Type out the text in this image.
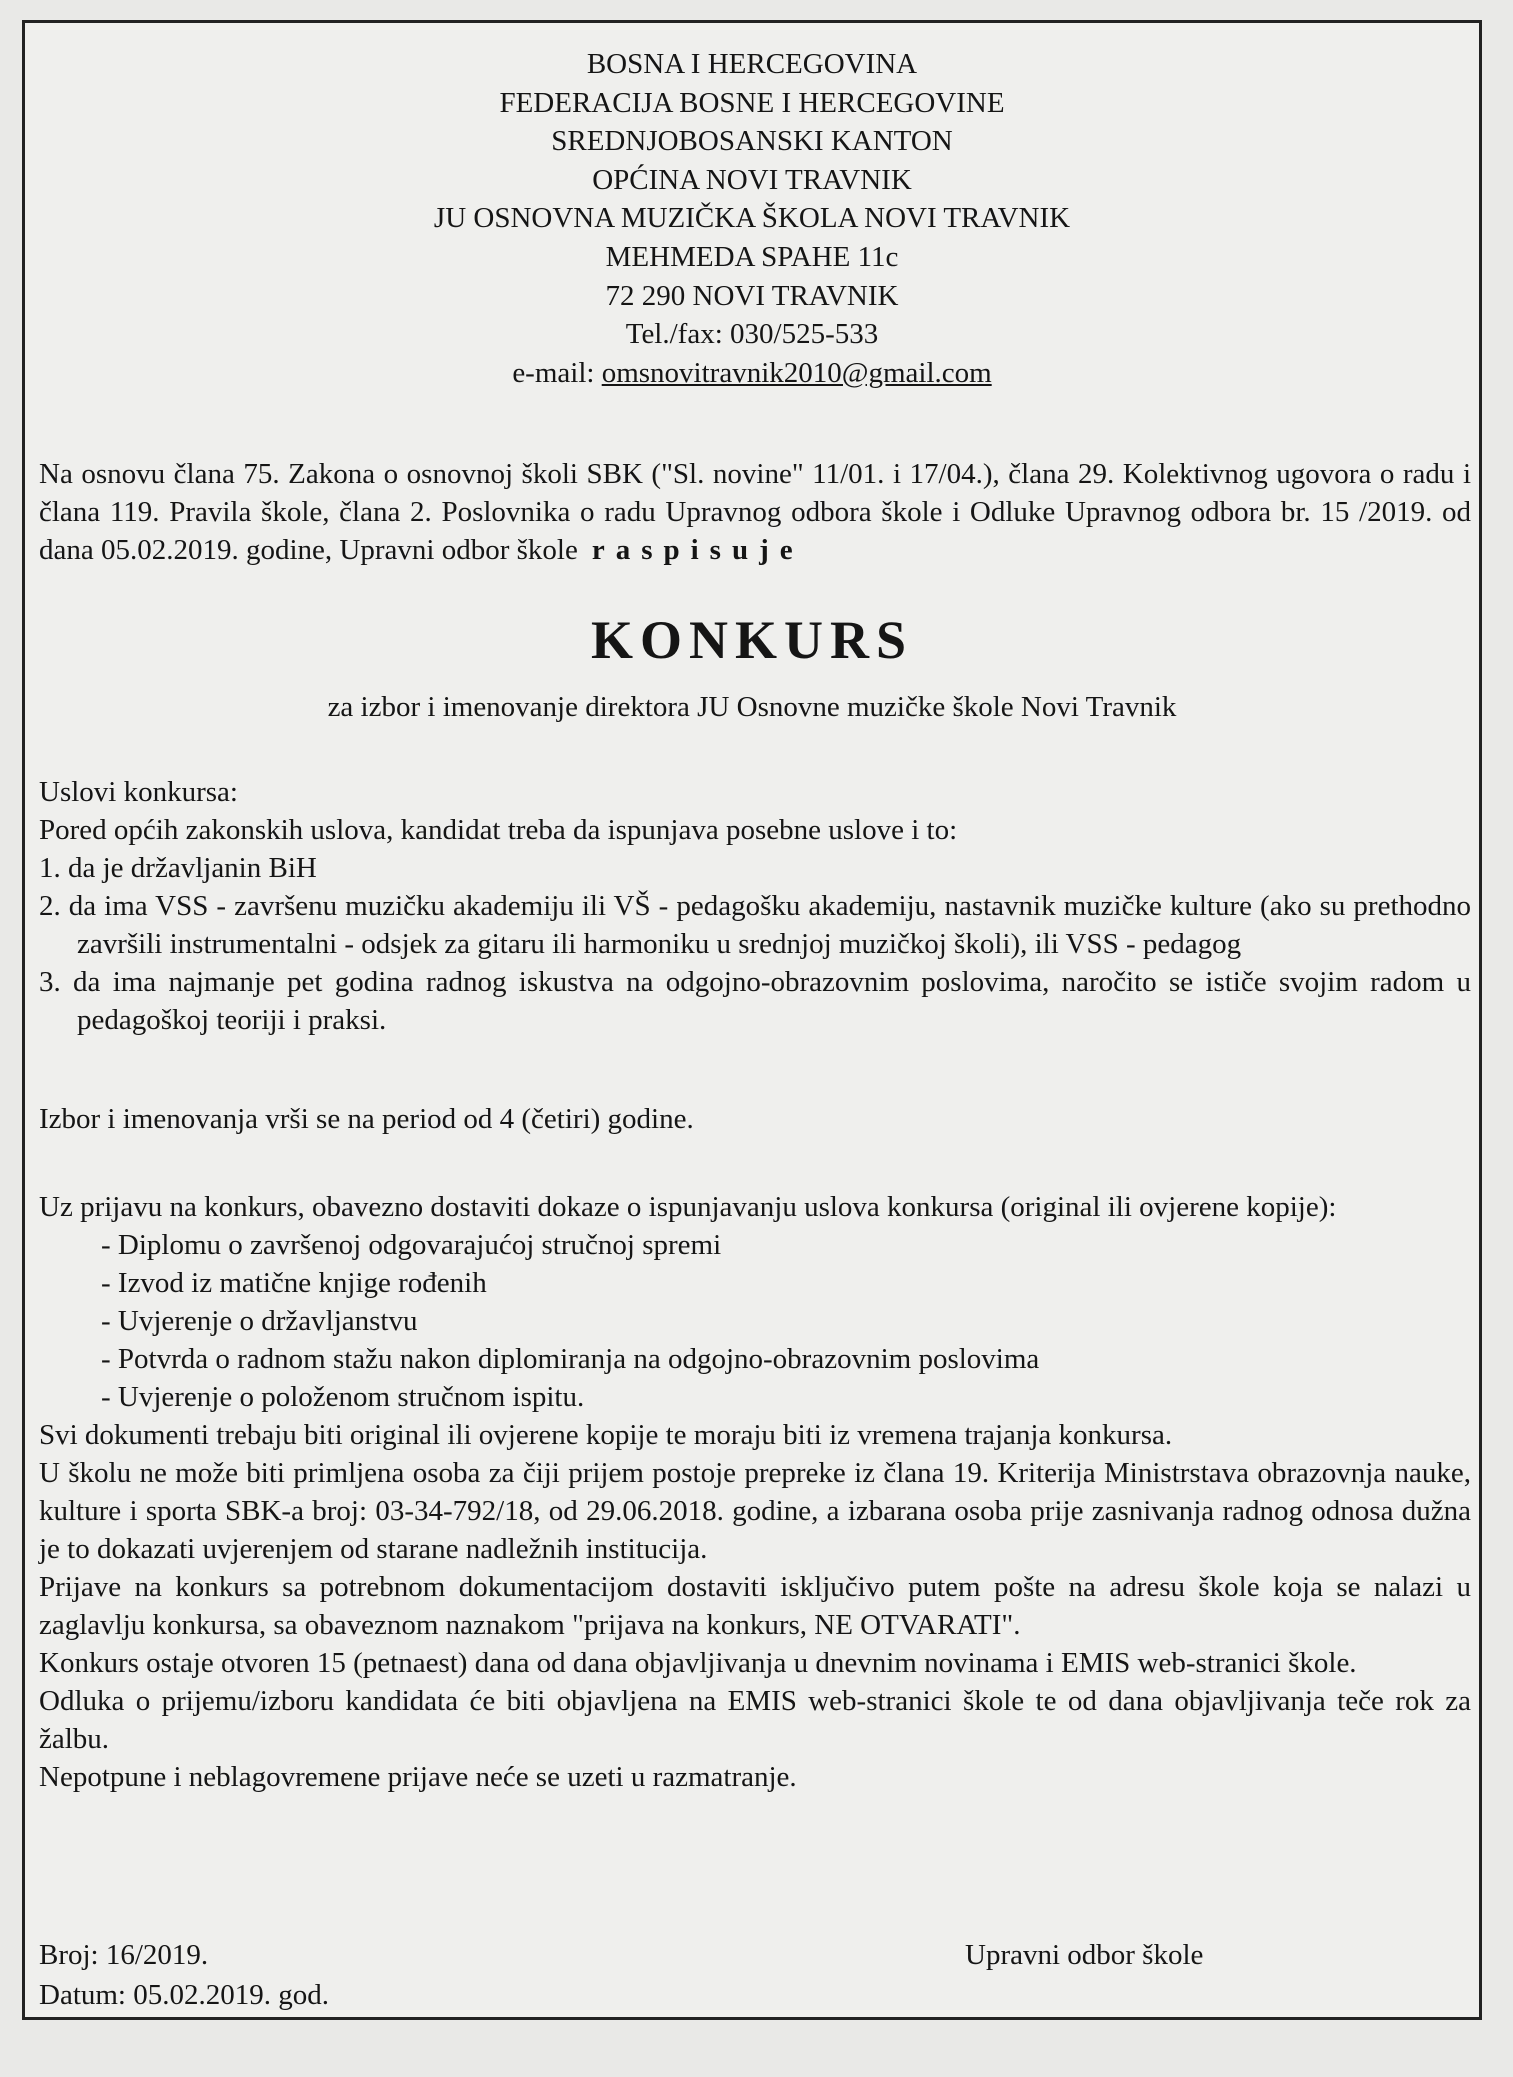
BOSNA I HERCEGOVINA
FEDERACIJA BOSNE I HERCEGOVINE
SREDNJOBOSANSKI KANTON
OPĆINA NOVI TRAVNIK
JU OSNOVNA MUZIČKA ŠKOLA NOVI TRAVNIK
MEHMEDA SPAHE 11c
72 290 NOVI TRAVNIK
Tel./fax: 030/525-533
e-mail: omsnovitravnik2010@gmail.com
Na osnovu člana 75. Zakona o osnovnoj školi SBK ("Sl. novine" 11/01. i 17/04.), člana 29. Kolektivnog ugovora o radu i člana 119. Pravila škole, člana 2. Poslovnika o radu Upravnog odbora škole i Odluke Upravnog odbora br. 15 /2019. od dana 05.02.2019. godine, Upravni odbor škole raspisuje
KONKURS
za izbor i imenovanje direktora JU Osnovne muzičke škole Novi Travnik
Uslovi konkursa:
Pored općih zakonskih uslova, kandidat treba da ispunjava posebne uslove i to:
1. da je državljanin BiH
2. da ima VSS - završenu muzičku akademiju ili VŠ - pedagošku akademiju, nastavnik muzičke kulture (ako su prethodno završili instrumentalni - odsjek za gitaru ili harmoniku u srednjoj muzičkoj školi), ili VSS - pedagog
3. da ima najmanje pet godina radnog iskustva na odgojno-obrazovnim poslovima, naročito se ističe svojim radom u pedagoškoj teoriji i praksi.
Izbor i imenovanja vrši se na period od 4 (četiri) godine.
Uz prijavu na konkurs, obavezno dostaviti dokaze o ispunjavanju uslova konkursa (original ili ovjerene kopije):
- Diplomu o završenoj odgovarajućoj stručnoj spremi
- Izvod iz matične knjige rođenih
- Uvjerenje o državljanstvu
- Potvrda o radnom stažu nakon diplomiranja na odgojno-obrazovnim poslovima
- Uvjerenje o položenom stručnom ispitu.
Svi dokumenti trebaju biti original ili ovjerene kopije te moraju biti iz vremena trajanja konkursa.
U školu ne može biti primljena osoba za čiji prijem postoje prepreke iz člana 19. Kriterija Ministrstava obrazovnja nauke, kulture i sporta SBK-a broj: 03-34-792/18, od 29.06.2018. godine, a izbarana osoba prije zasnivanja radnog odnosa dužna je to dokazati uvjerenjem od starane nadležnih institucija.
Prijave na konkurs sa potrebnom dokumentacijom dostaviti isključivo putem pošte na adresu škole koja se nalazi u zaglavlju konkursa, sa obaveznom naznakom "prijava na konkurs, NE OTVARATI".
Konkurs ostaje otvoren 15 (petnaest) dana od dana objavljivanja u dnevnim novinama i EMIS web-stranici škole.
Odluka o prijemu/izboru kandidata će biti objavljena na EMIS web-stranici škole te od dana objavljivanja teče rok za žalbu.
Nepotpune i neblagovremene prijave neće se uzeti u razmatranje.
Broj: 16/2019.
Datum: 05.02.2019. god.
Upravni odbor škole
